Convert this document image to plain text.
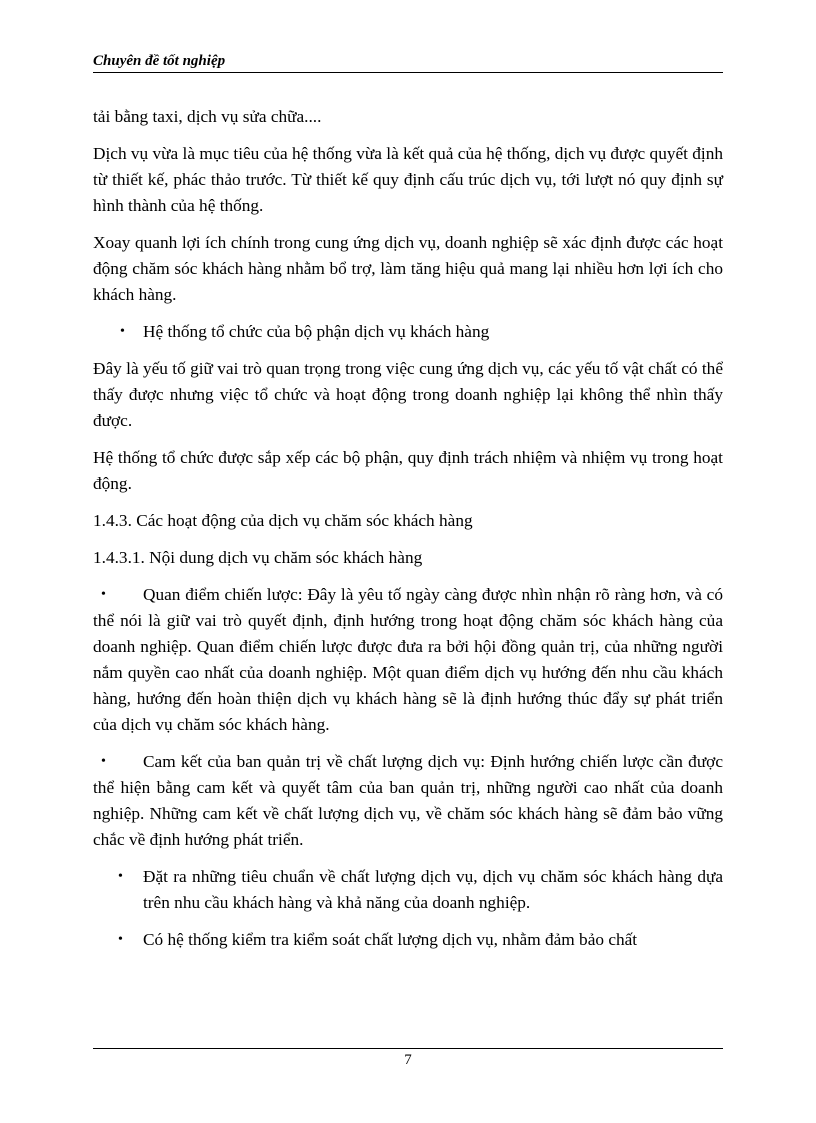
Chuyên đề tốt nghiệp

tải bằng taxi, dịch vụ sửa chữa....

Dịch vụ vừa là mục tiêu của hệ thống vừa là kết quả của hệ thống, dịch vụ được quyết định từ thiết kế, phác thảo trước. Từ thiết kế quy định cấu trúc dịch vụ, tới lượt nó quy định sự hình thành của hệ thống.

Xoay quanh lợi ích chính trong cung ứng dịch vụ, doanh nghiệp sẽ xác định được các hoạt động chăm sóc khách hàng nhằm bổ trợ, làm tăng hiệu quả mang lại nhiều hơn lợi ích cho khách hàng.

• Hệ thống tổ chức của bộ phận dịch vụ khách hàng

Đây là yếu tố giữ vai trò quan trọng trong việc cung ứng dịch vụ, các yếu tố vật chất có thể thấy được nhưng việc tổ chức và hoạt động trong doanh nghiệp lại không thể nhìn thấy được.

Hệ thống tổ chức được sắp xếp các bộ phận, quy định trách nhiệm và nhiệm vụ trong hoạt động.

1.4.3. Các hoạt động của dịch vụ chăm sóc khách hàng

1.4.3.1. Nội dung dịch vụ chăm sóc khách hàng

• Quan điểm chiến lược: Đây là yêu tố ngày càng được nhìn nhận rõ ràng hơn, và có thể nói là giữ vai trò quyết định, định hướng trong hoạt động chăm sóc khách hàng của doanh nghiệp. Quan điểm chiến lược được đưa ra bởi hội đồng quản trị, của những người nắm quyền cao nhất của doanh nghiệp. Một quan điểm dịch vụ hướng đến nhu cầu khách hàng, hướng đến hoàn thiện dịch vụ khách hàng sẽ là định hướng thúc đẩy sự phát triển của dịch vụ chăm sóc khách hàng.
• Cam kết của ban quản trị về chất lượng dịch vụ: Định hướng chiến lược cần được thể hiện bằng cam kết và quyết tâm của ban quản trị, những người cao nhất của doanh nghiệp. Những cam kết về chất lượng dịch vụ, về chăm sóc khách hàng sẽ đảm bảo vững chắc về định hướng phát triển.
• Đặt ra những tiêu chuẩn về chất lượng dịch vụ, dịch vụ chăm sóc khách hàng dựa trên nhu cầu khách hàng và khả năng của doanh nghiệp.
• Có hệ thống kiểm tra kiểm soát chất lượng dịch vụ, nhằm đảm bảo chất
7
